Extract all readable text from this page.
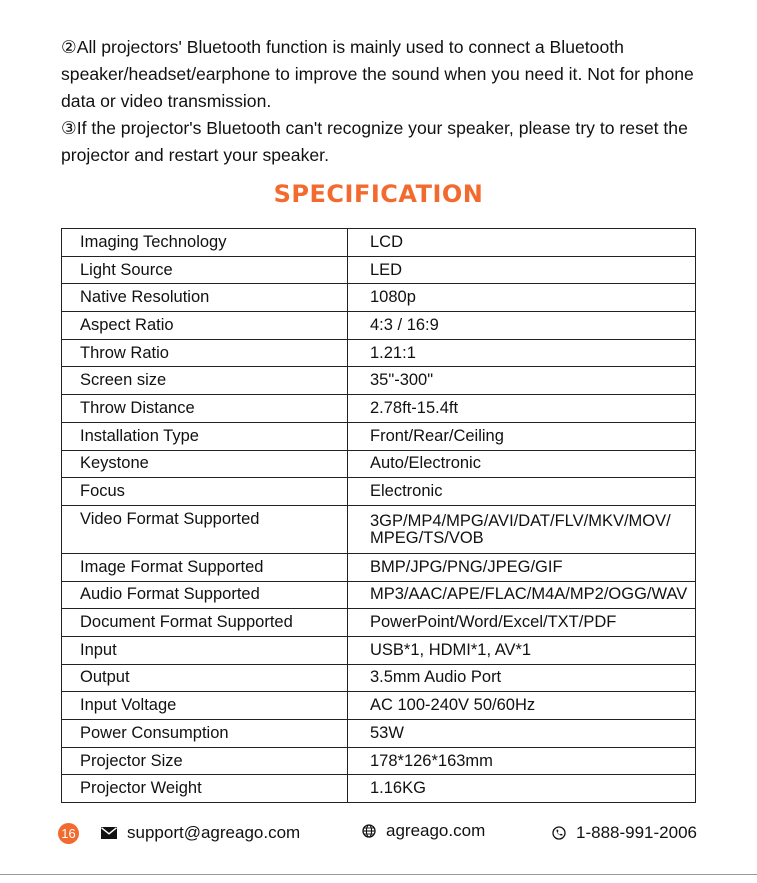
②All projectors' Bluetooth function is mainly used to connect a Bluetooth speaker/headset/earphone to improve the sound when you need it. Not for phone data or video transmission.

③If the projector's Bluetooth can't recognize your speaker, please try to reset the projector and restart your speaker.

SPECIFICATION
Imaging Technology	LCD
Light Source	LED
Native Resolution	1080p
Aspect Ratio	4:3 / 16:9
Throw Ratio	1.21:1
Screen size	35"-300"
Throw Distance	2.78ft-15.4ft
Installation Type	Front/Rear/Ceiling
Keystone	Auto/Electronic
Focus	Electronic
Video Format Supported	3GP/MP4/MPG/AVI/DAT/FLV/MKV/MOV/ MPEG/TS/VOB
Image Format Supported	BMP/JPG/PNG/JPEG/GIF
Audio Format Supported	MP3/AAC/APE/FLAC/M4A/MP2/OGG/WAV
Document Format Supported	PowerPoint/Word/Excel/TXT/PDF
Input	USB*1, HDMI*1, AV*1
Output	3.5mm Audio Port
Input Voltage	AC 100-240V 50/60Hz
Power Consumption	53W
Projector Size	178*126*163mm
Projector Weight	1.16KG
16	support@agreago.com	agreago.com	1-888-991-2006
